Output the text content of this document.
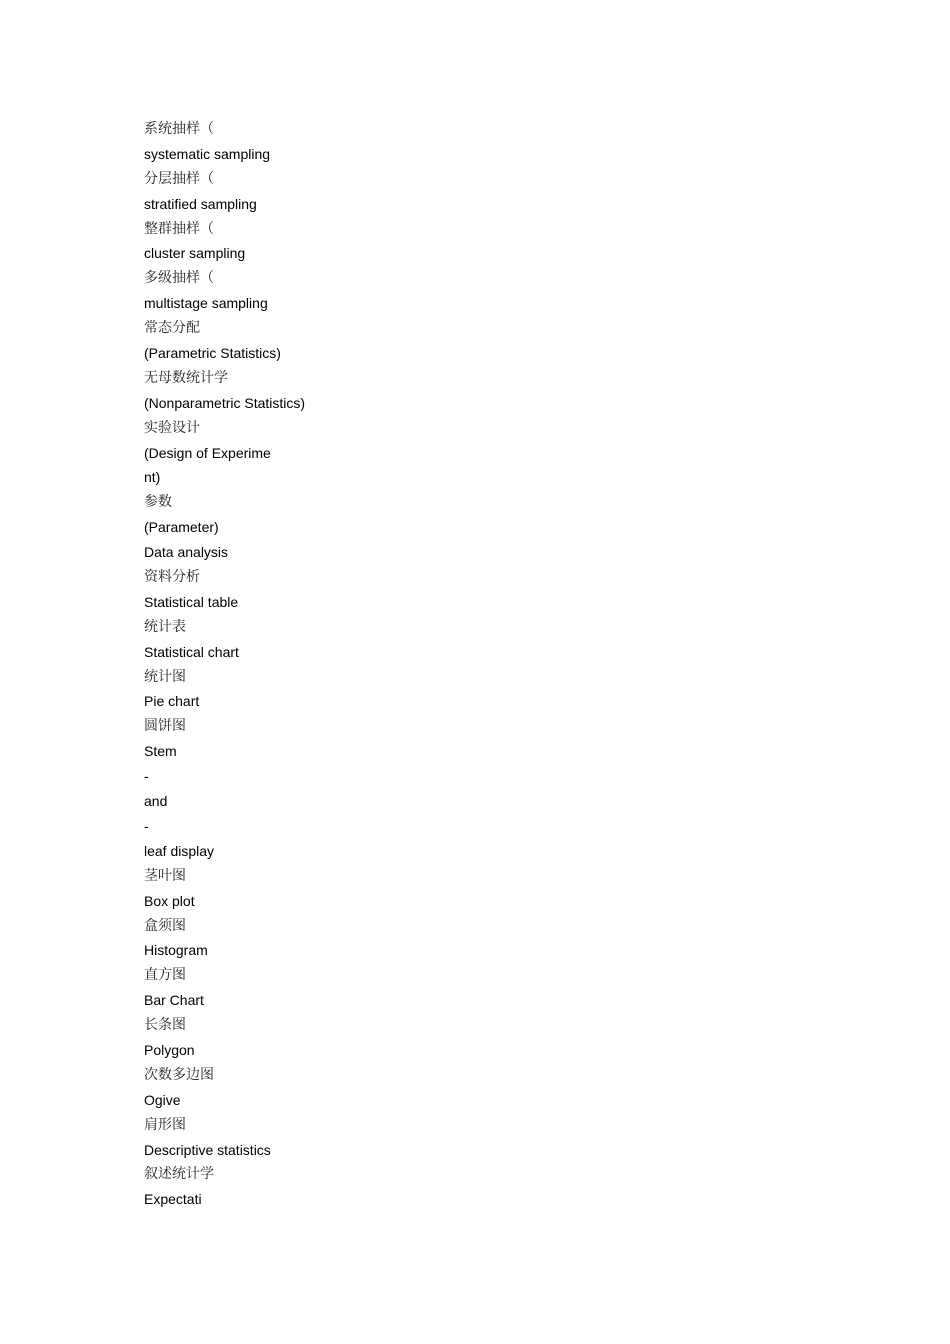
系统抽样（
systematic sampling
分层抽样（
stratified sampling
整群抽样（
cluster sampling
多级抽样（
multistage sampling
常态分配
(Parametric Statistics)
无母数统计学
(Nonparametric Statistics)
实验设计
(Design of Experime
nt)
参数
(Parameter)
Data analysis
资料分析
Statistical table
统计表
Statistical chart
统计图
Pie chart
圆饼图
Stem
-
and
-
leaf display
茎叶图
Box plot
盒须图
Histogram
直方图
Bar Chart
长条图
Polygon
次数多边图
Ogive
肩形图
Descriptive statistics
叙述统计学
Expectati
